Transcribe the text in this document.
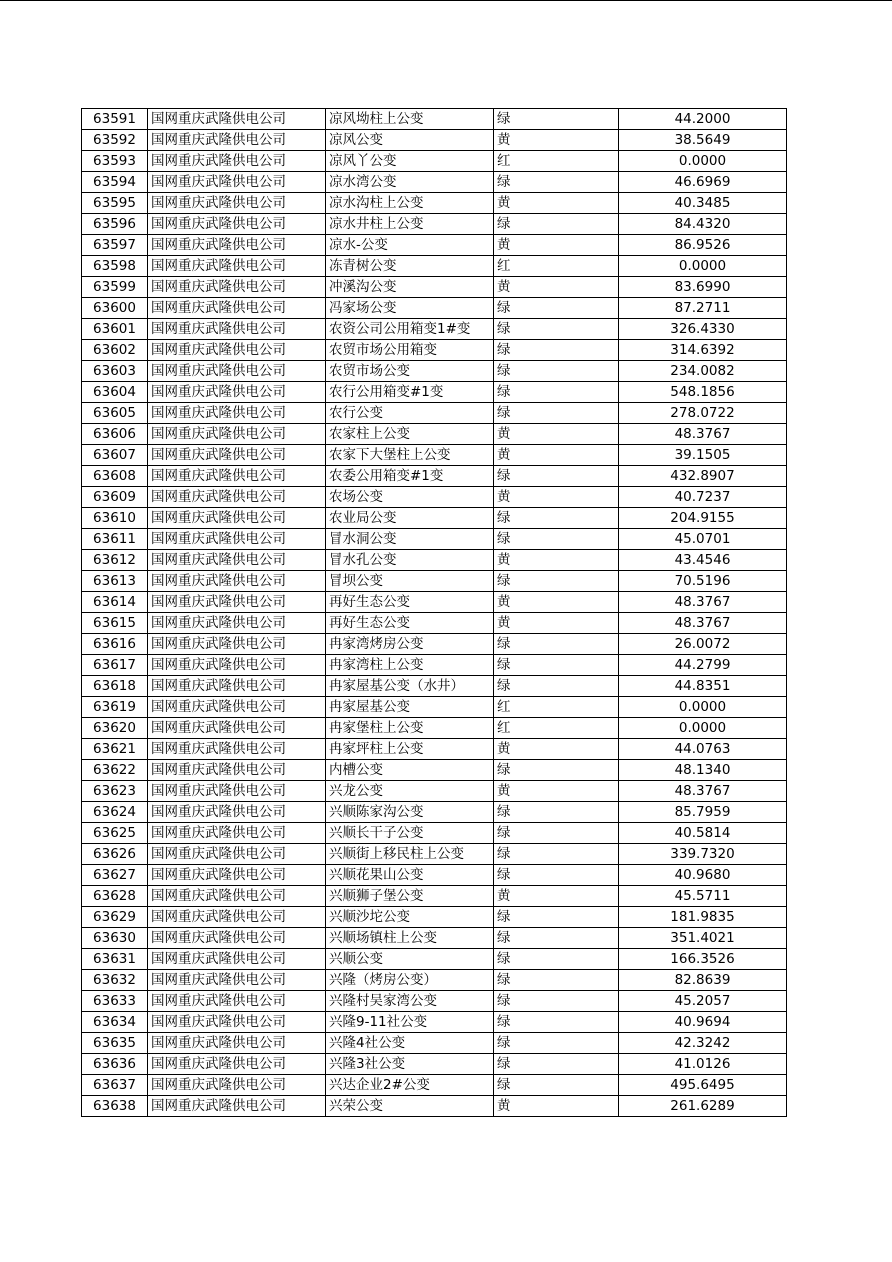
63591	国网重庆武隆供电公司	凉风坳柱上公变	绿	44.2000
63592	国网重庆武隆供电公司	凉风公变	黄	38.5649
63593	国网重庆武隆供电公司	凉风丫公变	红	0.0000
63594	国网重庆武隆供电公司	凉水湾公变	绿	46.6969
63595	国网重庆武隆供电公司	凉水沟柱上公变	黄	40.3485
63596	国网重庆武隆供电公司	凉水井柱上公变	绿	84.4320
63597	国网重庆武隆供电公司	凉水-公变	黄	86.9526
63598	国网重庆武隆供电公司	冻青树公变	红	0.0000
63599	国网重庆武隆供电公司	冲溪沟公变	黄	83.6990
63600	国网重庆武隆供电公司	冯家场公变	绿	87.2711
63601	国网重庆武隆供电公司	农资公司公用箱变1#变	绿	326.4330
63602	国网重庆武隆供电公司	农贸市场公用箱变	绿	314.6392
63603	国网重庆武隆供电公司	农贸市场公变	绿	234.0082
63604	国网重庆武隆供电公司	农行公用箱变#1变	绿	548.1856
63605	国网重庆武隆供电公司	农行公变	绿	278.0722
63606	国网重庆武隆供电公司	农家柱上公变	黄	48.3767
63607	国网重庆武隆供电公司	农家下大堡柱上公变	黄	39.1505
63608	国网重庆武隆供电公司	农委公用箱变#1变	绿	432.8907
63609	国网重庆武隆供电公司	农场公变	黄	40.7237
63610	国网重庆武隆供电公司	农业局公变	绿	204.9155
63611	国网重庆武隆供电公司	冒水洞公变	绿	45.0701
63612	国网重庆武隆供电公司	冒水孔公变	黄	43.4546
63613	国网重庆武隆供电公司	冒坝公变	绿	70.5196
63614	国网重庆武隆供电公司	再好生态公变	黄	48.3767
63615	国网重庆武隆供电公司	再好生态公变	黄	48.3767
63616	国网重庆武隆供电公司	冉家湾烤房公变	绿	26.0072
63617	国网重庆武隆供电公司	冉家湾柱上公变	绿	44.2799
63618	国网重庆武隆供电公司	冉家屋基公变（水井）	绿	44.8351
63619	国网重庆武隆供电公司	冉家屋基公变	红	0.0000
63620	国网重庆武隆供电公司	冉家堡柱上公变	红	0.0000
63621	国网重庆武隆供电公司	冉家坪柱上公变	黄	44.0763
63622	国网重庆武隆供电公司	内槽公变	绿	48.1340
63623	国网重庆武隆供电公司	兴龙公变	黄	48.3767
63624	国网重庆武隆供电公司	兴顺陈家沟公变	绿	85.7959
63625	国网重庆武隆供电公司	兴顺长干子公变	绿	40.5814
63626	国网重庆武隆供电公司	兴顺街上移民柱上公变	绿	339.7320
63627	国网重庆武隆供电公司	兴顺花果山公变	绿	40.9680
63628	国网重庆武隆供电公司	兴顺狮子堡公变	黄	45.5711
63629	国网重庆武隆供电公司	兴顺沙坨公变	绿	181.9835
63630	国网重庆武隆供电公司	兴顺场镇柱上公变	绿	351.4021
63631	国网重庆武隆供电公司	兴顺公变	绿	166.3526
63632	国网重庆武隆供电公司	兴隆（烤房公变）	绿	82.8639
63633	国网重庆武隆供电公司	兴隆村吴家湾公变	绿	45.2057
63634	国网重庆武隆供电公司	兴隆9-11社公变	绿	40.9694
63635	国网重庆武隆供电公司	兴隆4社公变	绿	42.3242
63636	国网重庆武隆供电公司	兴隆3社公变	绿	41.0126
63637	国网重庆武隆供电公司	兴达企业2#公变	绿	495.6495
63638	国网重庆武隆供电公司	兴荣公变	黄	261.6289
